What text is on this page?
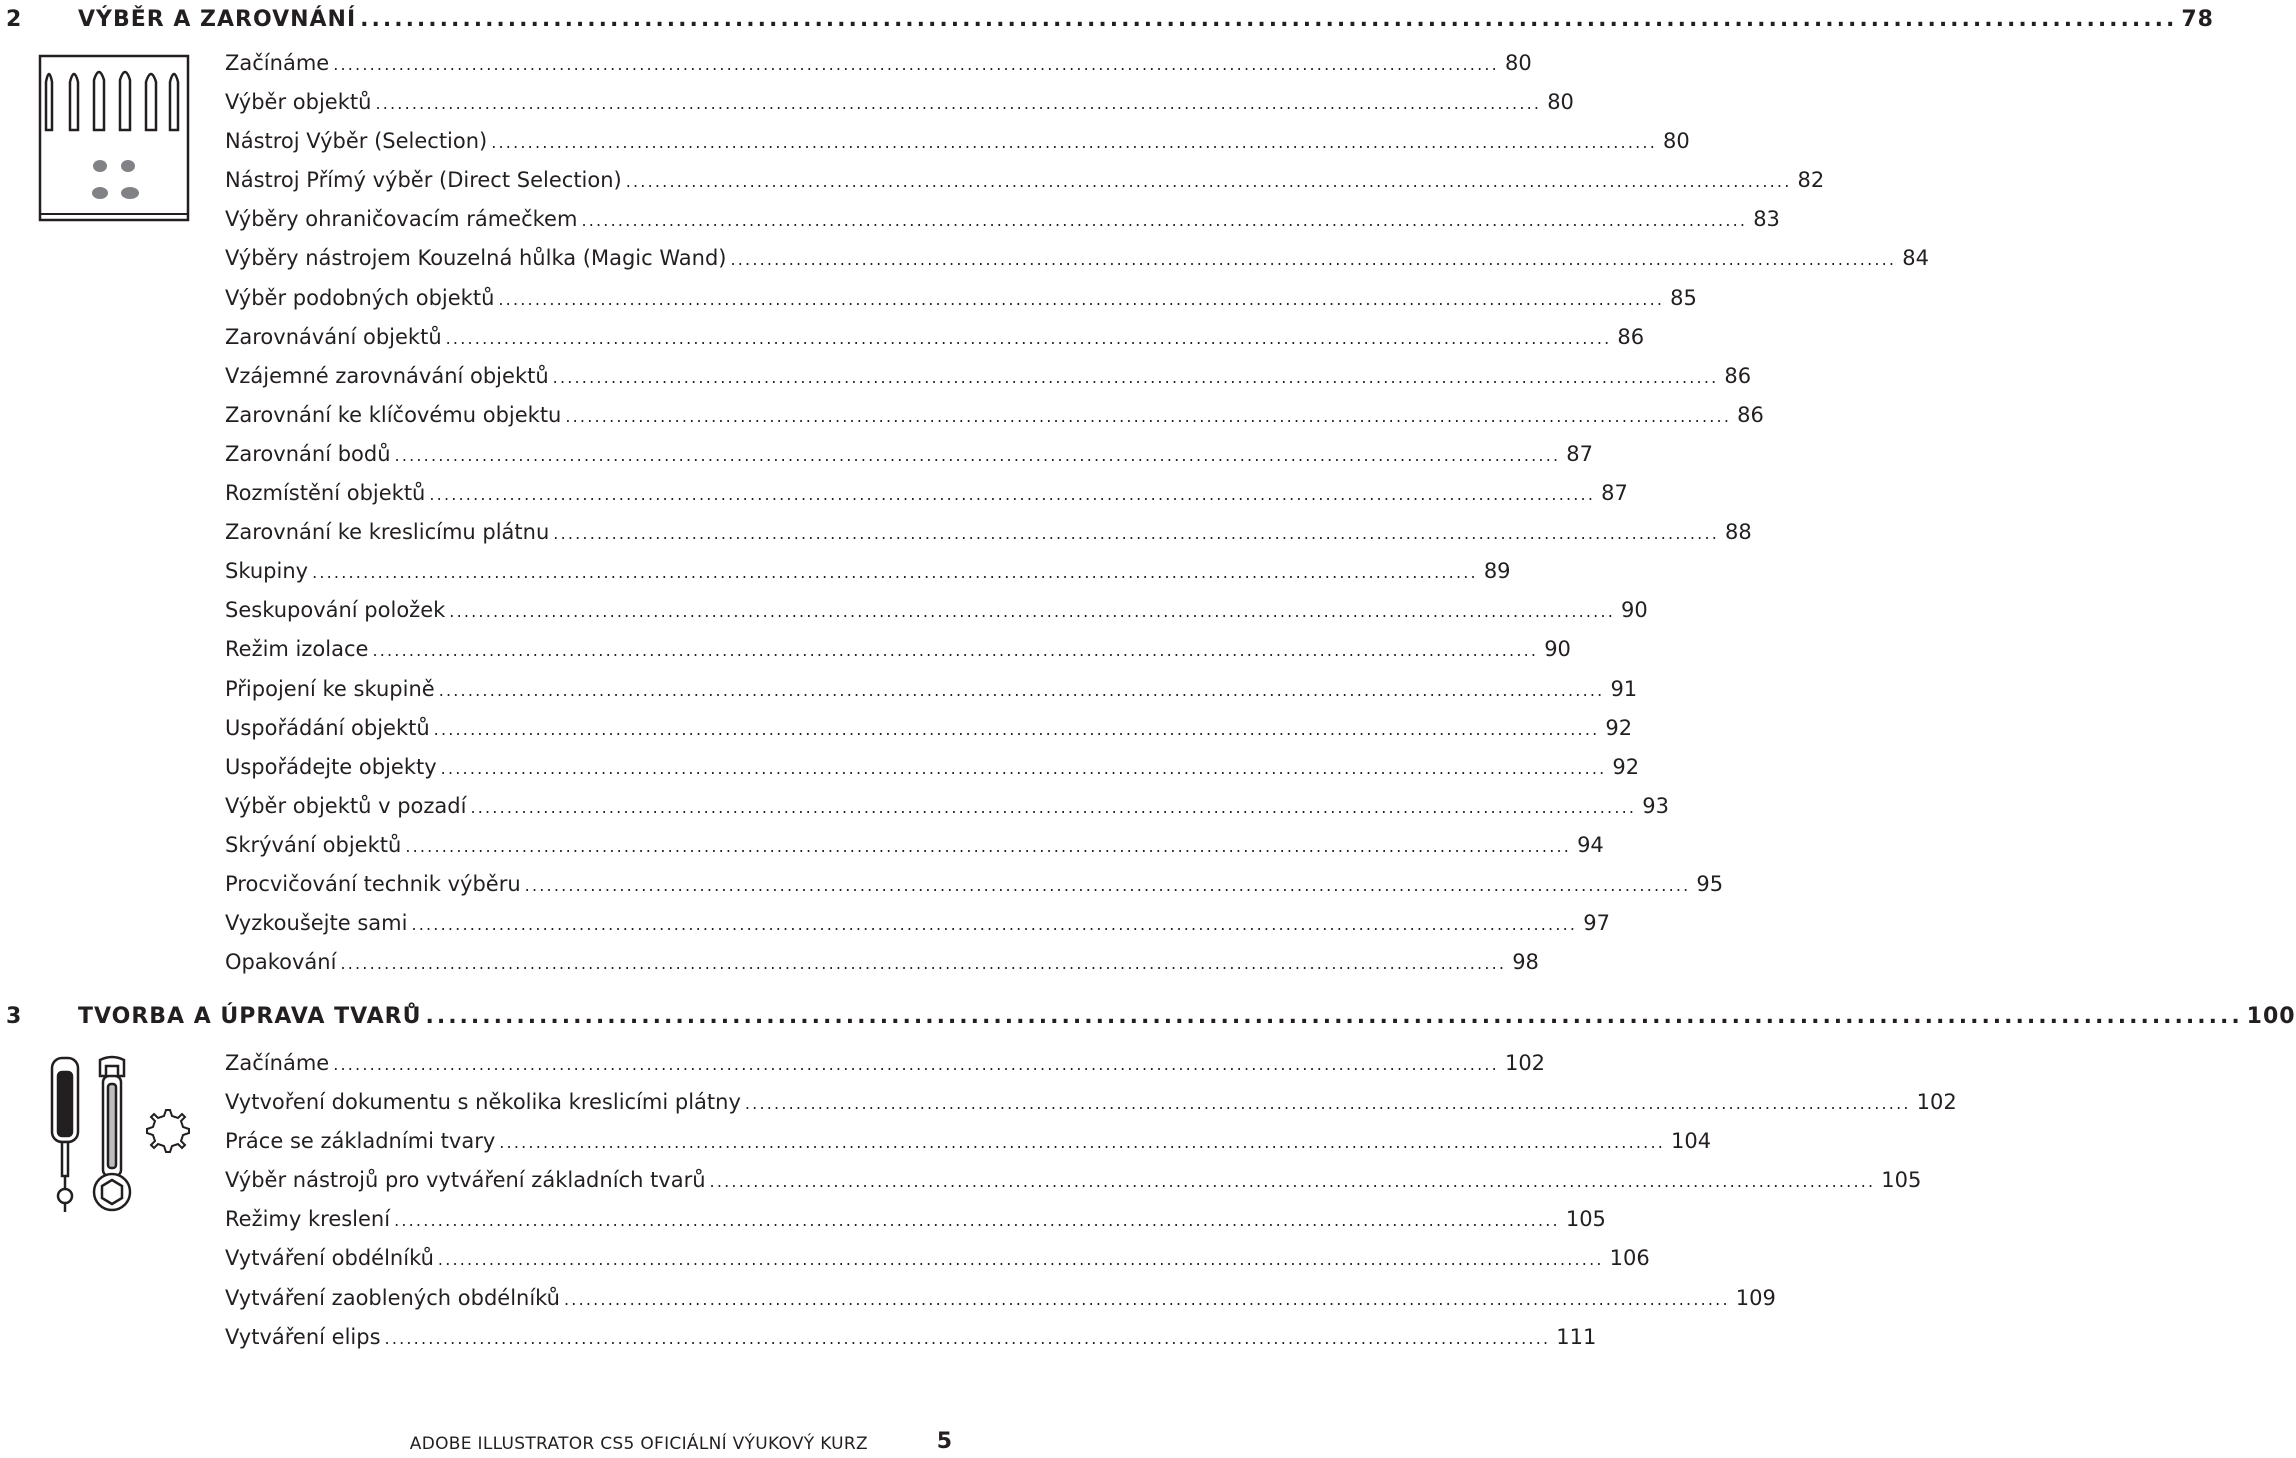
2	VÝBĚR A ZAROVNÁNÍ ................................................................................................................................................................ 78
Začínáme ................................................................................................................................................................ 80
Výběr objektů ................................................................................................................................................................ 80
Nástroj Výběr (Selection) ................................................................................................................................................................ 80
Nástroj Přímý výběr (Direct Selection) ................................................................................................................................................................ 82
Výběry ohraničovacím rámečkem ................................................................................................................................................................ 83
Výběry nástrojem Kouzelná hůlka (Magic Wand) ................................................................................................................................................................ 84
Výběr podobných objektů ................................................................................................................................................................ 85
Zarovnávání objektů ................................................................................................................................................................ 86
Vzájemné zarovnávání objektů ................................................................................................................................................................ 86
Zarovnání ke klíčovému objektu ................................................................................................................................................................ 86
Zarovnání bodů ................................................................................................................................................................ 87
Rozmístění objektů ................................................................................................................................................................ 87
Zarovnání ke kreslicímu plátnu ................................................................................................................................................................ 88
Skupiny ................................................................................................................................................................ 89
Seskupování položek ................................................................................................................................................................ 90
Režim izolace ................................................................................................................................................................ 90
Připojení ke skupině ................................................................................................................................................................ 91
Uspořádání objektů ................................................................................................................................................................ 92
Uspořádejte objekty ................................................................................................................................................................ 92
Výběr objektů v pozadí ................................................................................................................................................................ 93
Skrývání objektů ................................................................................................................................................................ 94
Procvičování technik výběru ................................................................................................................................................................ 95
Vyzkoušejte sami ................................................................................................................................................................ 97
Opakování ................................................................................................................................................................ 98
3	TVORBA A ÚPRAVA TVARŮ ................................................................................................................................................................ 100
Začínáme ................................................................................................................................................................ 102
Vytvoření dokumentu s několika kreslicími plátny ................................................................................................................................................................ 102
Práce se základními tvary ................................................................................................................................................................ 104
Výběr nástrojů pro vytváření základních tvarů ................................................................................................................................................................ 105
Režimy kreslení ................................................................................................................................................................ 105
Vytváření obdélníků ................................................................................................................................................................ 106
Vytváření zaoblených obdélníků ................................................................................................................................................................ 109
Vytváření elips ................................................................................................................................................................ 111
ADOBE ILLUSTRATOR CS5 OFICIÁLNÍ VÝUKOVÝ KURZ	5
